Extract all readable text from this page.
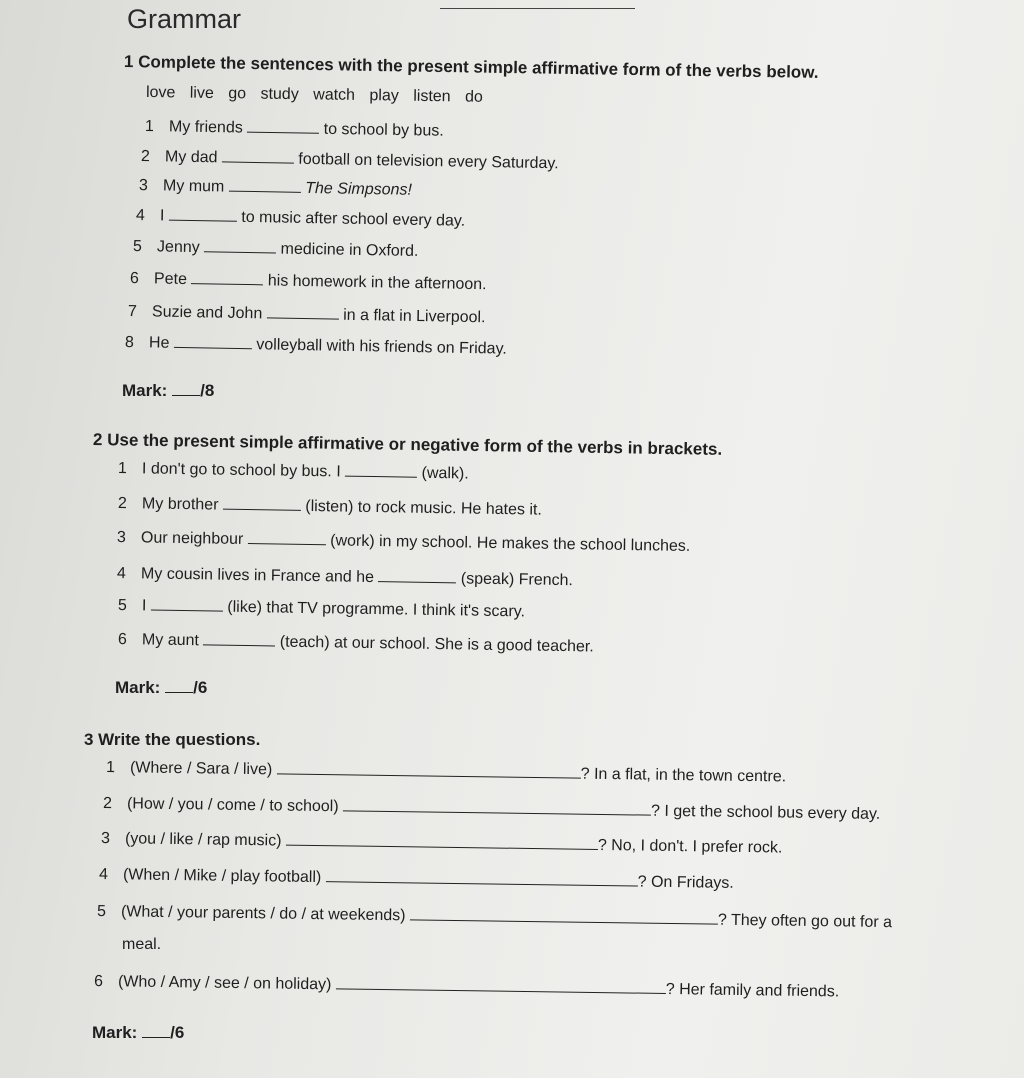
Grammar
1 Complete the sentences with the present simple affirmative form of the verbs below.
love live go study watch play listen do
1 My friends	to school by bus.
2 My dad	football on television every Saturday.
3 My mum	The Simpsons!
4 I	to music after school every day.
5 Jenny	medicine in Oxford.
6 Pete	his homework in the afternoon.
7 Suzie and John	in a flat in Liverpool.
8 He	volleyball with his friends on Friday.
Mark: /8
2 Use the present simple affirmative or negative form of the verbs in brackets.
1 I don't go to school by bus. I	(walk).
2 My brother	(listen) to rock music. He hates it.
3 Our neighbour	(work) in my school. He makes the school lunches.
4 My cousin lives in France and he	(speak) French.
5 I	(like) that TV programme. I think it's scary.
6 My aunt	(teach) at our school. She is a good teacher.
Mark: /6
3 Write the questions.
1 (Where / Sara / live)	? In a flat, in the town centre.
2 (How / you / come / to school)	? I get the school bus every day.
3 (you / like / rap music)	? No, I don't. I prefer rock.
4 (When / Mike / play football)	? On Fridays.
5 (What / your parents / do / at weekends)	? They often go out for a
meal.
6 (Who / Amy / see / on holiday)	? Her family and friends.
Mark: /6
